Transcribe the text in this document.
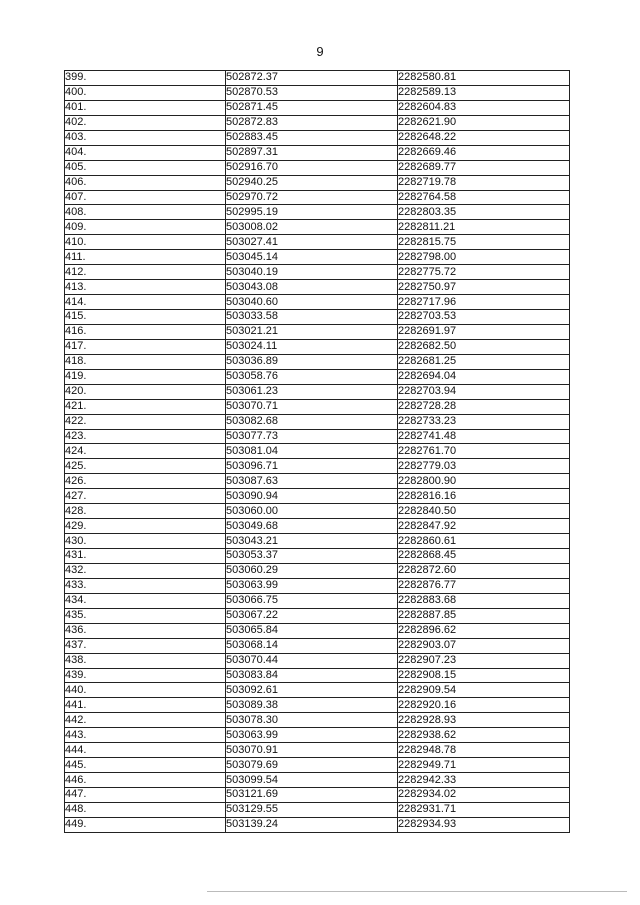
9
399.	502872.37	2282580.81
400.	502870.53	2282589.13
401.	502871.45	2282604.83
402.	502872.83	2282621.90
403.	502883.45	2282648.22
404.	502897.31	2282669.46
405.	502916.70	2282689.77
406.	502940.25	2282719.78
407.	502970.72	2282764.58
408.	502995.19	2282803.35
409.	503008.02	2282811.21
410.	503027.41	2282815.75
411.	503045.14	2282798.00
412.	503040.19	2282775.72
413.	503043.08	2282750.97
414.	503040.60	2282717.96
415.	503033.58	2282703.53
416.	503021.21	2282691.97
417.	503024.11	2282682.50
418.	503036.89	2282681.25
419.	503058.76	2282694.04
420.	503061.23	2282703.94
421.	503070.71	2282728.28
422.	503082.68	2282733.23
423.	503077.73	2282741.48
424.	503081.04	2282761.70
425.	503096.71	2282779.03
426.	503087.63	2282800.90
427.	503090.94	2282816.16
428.	503060.00	2282840.50
429.	503049.68	2282847.92
430.	503043.21	2282860.61
431.	503053.37	2282868.45
432.	503060.29	2282872.60
433.	503063.99	2282876.77
434.	503066.75	2282883.68
435.	503067.22	2282887.85
436.	503065.84	2282896.62
437.	503068.14	2282903.07
438.	503070.44	2282907.23
439.	503083.84	2282908.15
440.	503092.61	2282909.54
441.	503089.38	2282920.16
442.	503078.30	2282928.93
443.	503063.99	2282938.62
444.	503070.91	2282948.78
445.	503079.69	2282949.71
446.	503099.54	2282942.33
447.	503121.69	2282934.02
448.	503129.55	2282931.71
449.	503139.24	2282934.93
